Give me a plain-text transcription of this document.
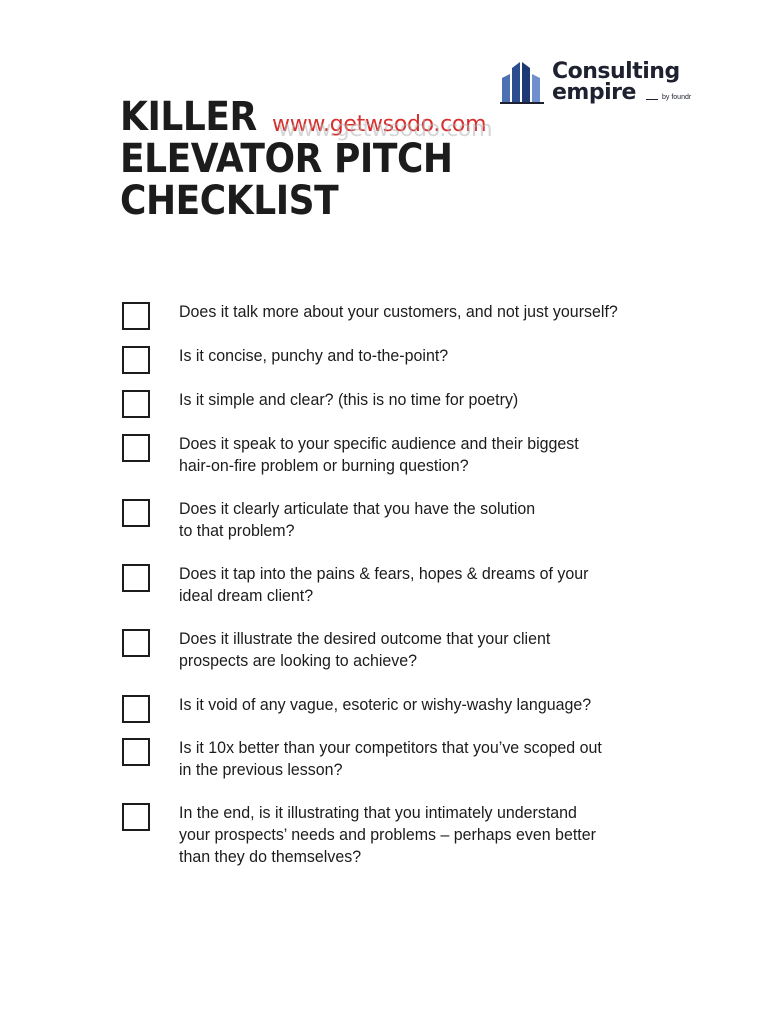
KILLER
ELEVATOR PITCH
CHECKLIST
www.getwsodo.com www.getwsodo.com
Consulting
empire	by foundr
Does it talk more about your customers, and not just yourself?
Is it concise, punchy and to-the-point?
Is it simple and clear? (this is no time for poetry)
Does it speak to your specific audience and their biggest
hair-on-fire problem or burning question?
Does it clearly articulate that you have the solution
to that problem?
Does it tap into the pains & fears, hopes & dreams of your
ideal dream client?
Does it illustrate the desired outcome that your client
prospects are looking to achieve?
Is it void of any vague, esoteric or wishy-washy language?
Is it 10x better than your competitors that you’ve scoped out
in the previous lesson?
In the end, is it illustrating that you intimately understand
your prospects’ needs and problems – perhaps even better
than they do themselves?
